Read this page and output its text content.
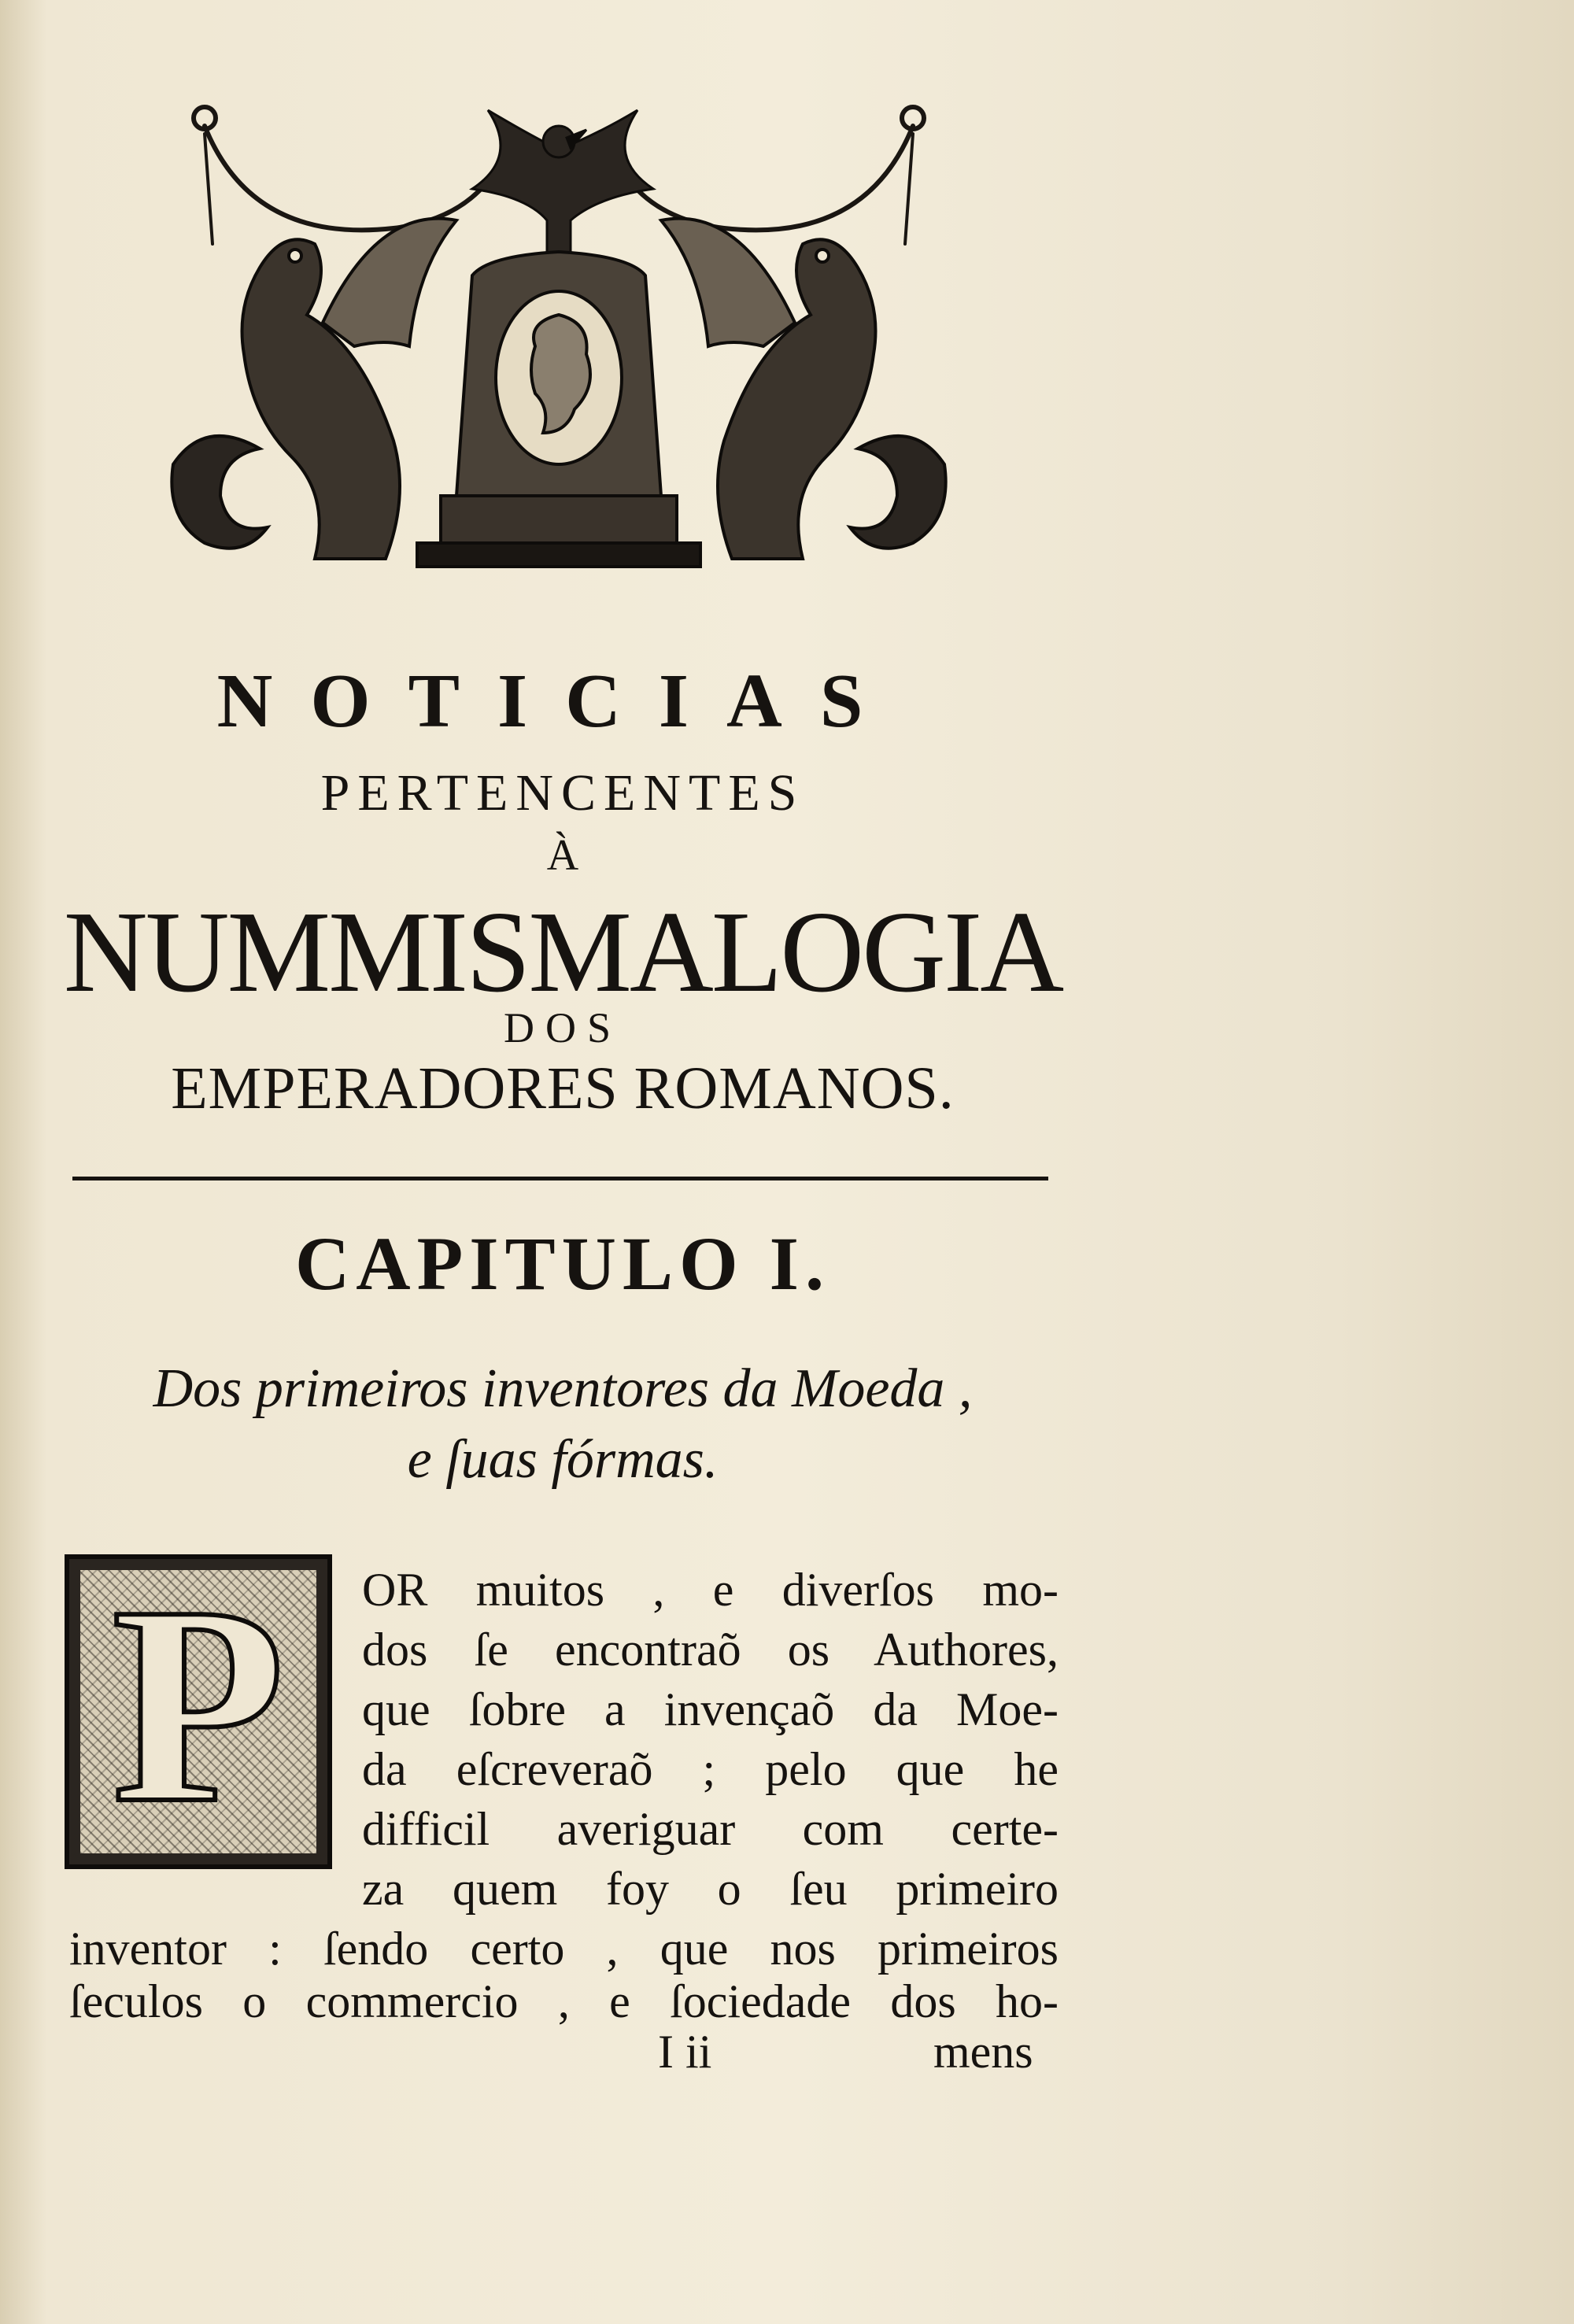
NOTICIAS
PERTENCENTES
À
NUMMISMALOGIA
DOS
EMPERADORES ROMANOS.
CAPITULO I.
Dos primeiros inventores da Moeda ,
e ſuas fórmas.
P	OR muitos , e diverſos mo-

dos ſe encontraõ os Authores,

que ſobre a invençaõ da Moe-

da eſcreveraõ ; pelo que he

difficil averiguar com certe-

za quem foy o ſeu primeiro

inventor : ſendo certo , que nos primeiros

ſeculos o commercio , e ſociedade dos ho-

I ii	mens
